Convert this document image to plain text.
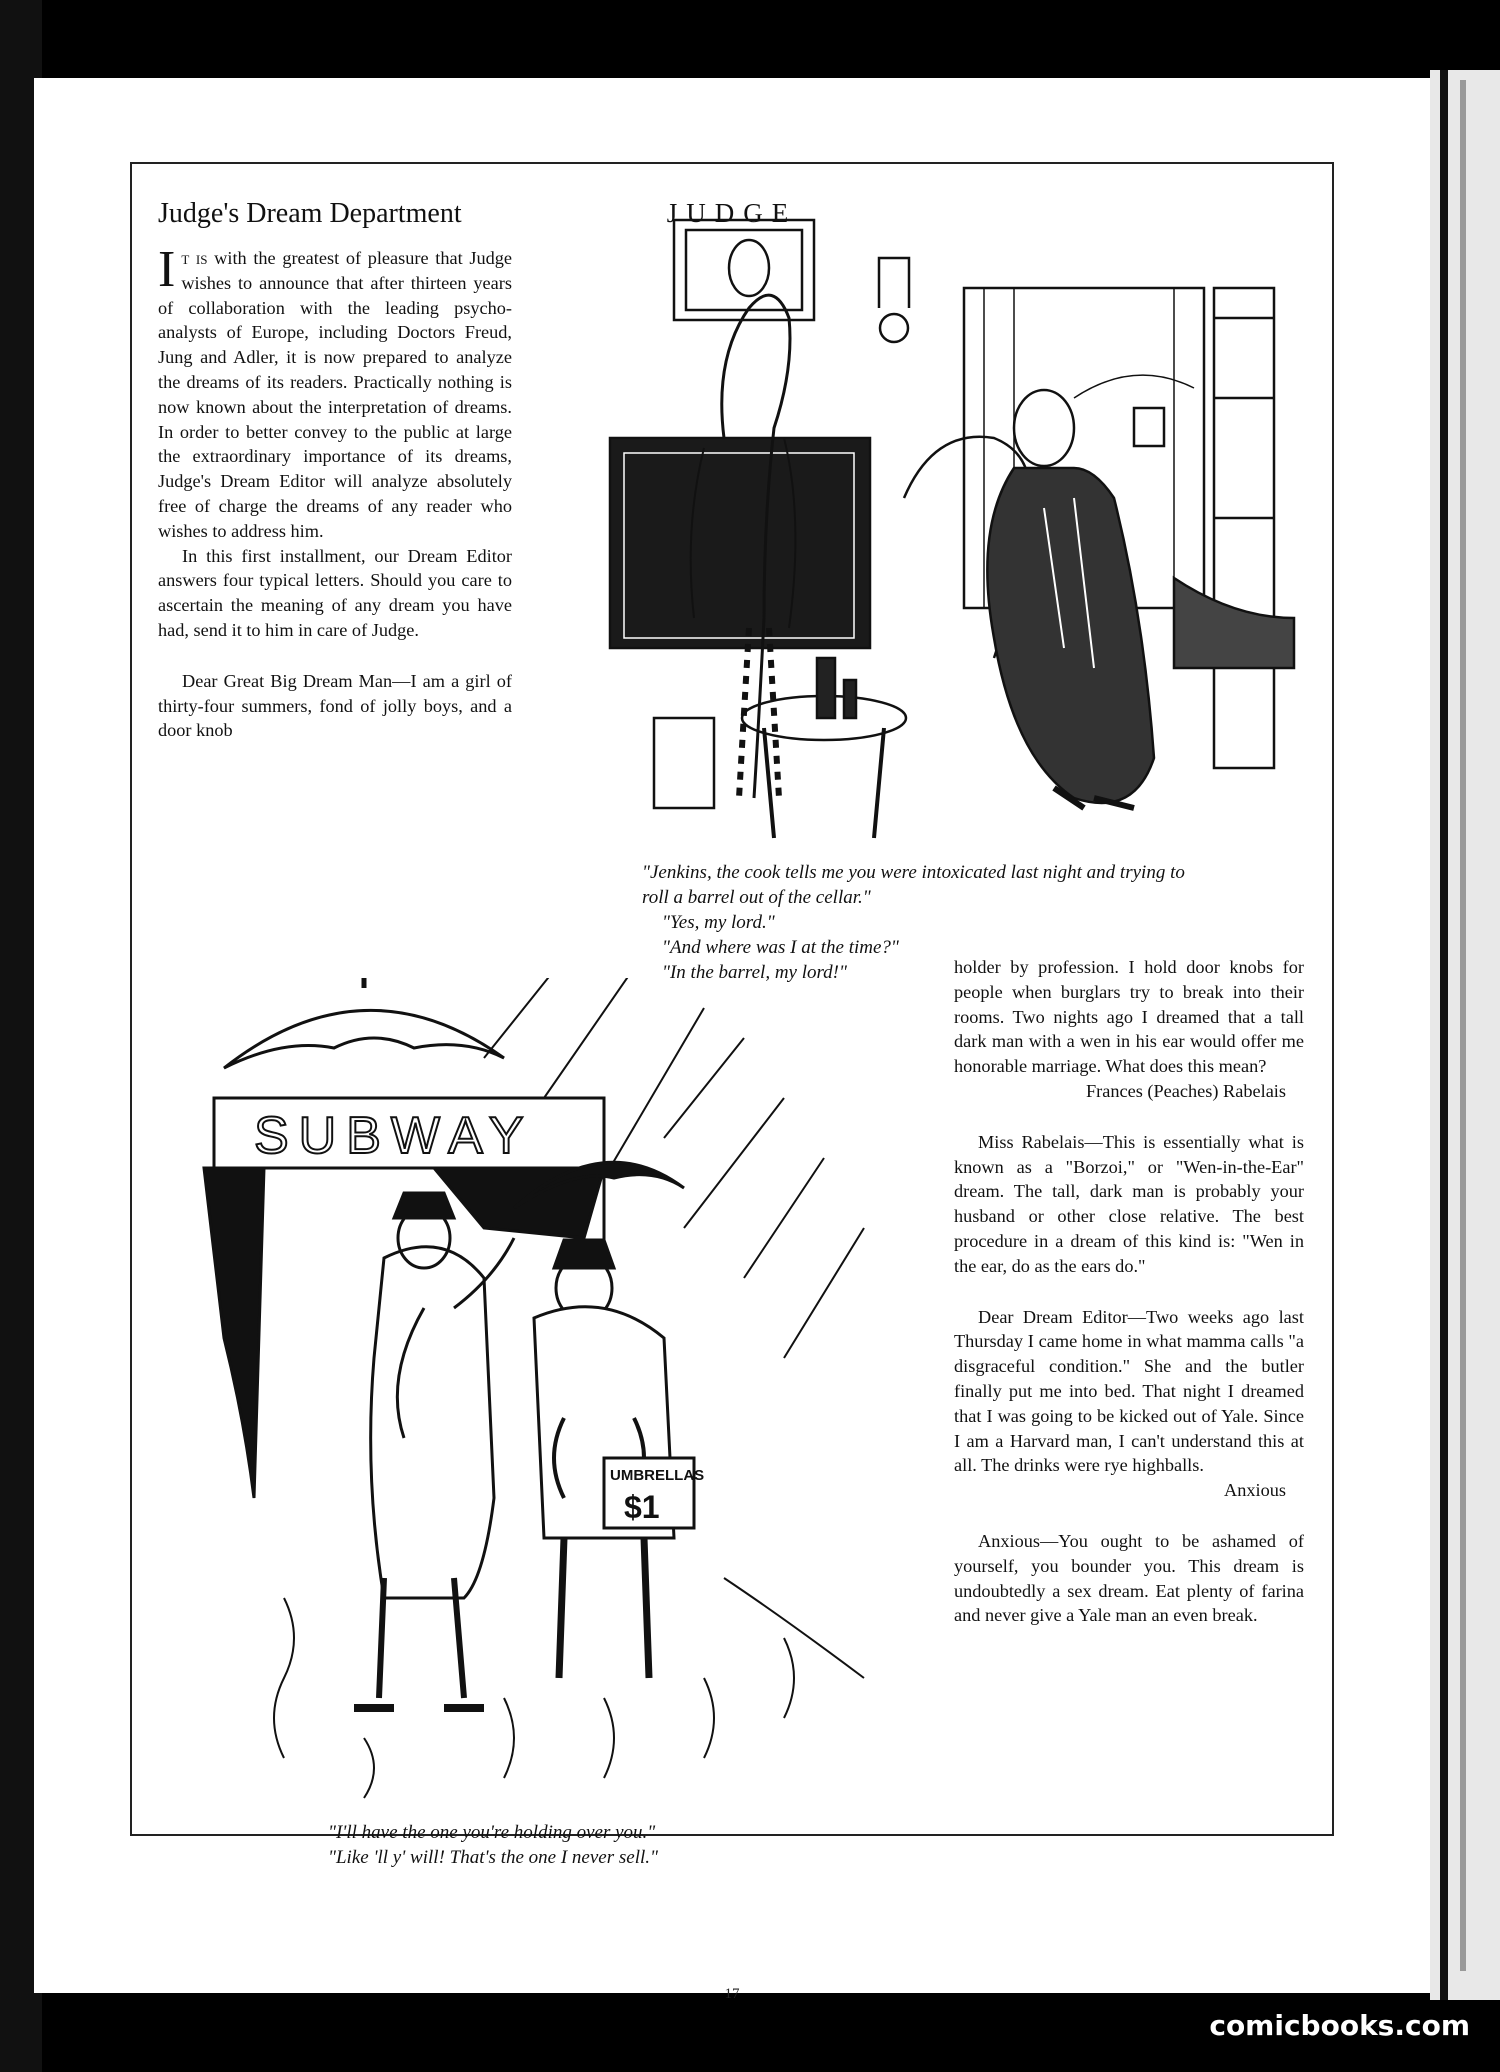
JUDGE
Judge's Dream Department

It is with the greatest of pleasure that Judge wishes to announce that after thirteen years of collaboration with the leading psycho-analysts of Europe, including Doctors Freud, Jung and Adler, it is now prepared to analyze the dreams of its readers. Practically nothing is now known about the interpretation of dreams. In order to better convey to the public at large the extraordinary importance of its dreams, Judge's Dream Editor will analyze absolutely free of charge the dreams of any reader who wishes to address him.

In this first installment, our Dream Editor answers four typical letters. Should you care to ascertain the meaning of any dream you have had, send it to him in care of Judge.

Dear Great Big Dream Man—I am a girl of thirty-four summers, fond of jolly boys, and a door knob

holder by profession. I hold door knobs for people when burglars try to break into their rooms. Two nights ago I dreamed that a tall dark man with a wen in his ear would offer me honorable marriage. What does this mean?

Frances (Peaches) Rabelais

Miss Rabelais—This is essentially what is known as a "Borzoi," or "Wen-in-the-Ear" dream. The tall, dark man is probably your husband or other close relative. The best procedure in a dream of this kind is: "Wen in the ear, do as the ears do."

Dear Dream Editor—Two weeks ago last Thursday I came home in what mamma calls "a disgraceful condition." She and the butler finally put me into bed. That night I dreamed that I was going to be kicked out of Yale. Since I am a Harvard man, I can't understand this at all. The drinks were rye highballs.

Anxious

Anxious—You ought to be ashamed of yourself, you bounder you. This dream is undoubtedly a sex dream. Eat plenty of farina and never give a Yale man an even break.

"Jenkins, the cook tells me you were intoxicated last night and trying to
roll a barrel out of the cellar."
"Yes, my lord."
"And where was I at the time?"
"In the barrel, my lord!"
SUBWAY
UMBRELLAS
$1
"I'll have the one you're holding over you."
"Like 'll y' will! That's the one I never sell."
17
comicbooks.com
